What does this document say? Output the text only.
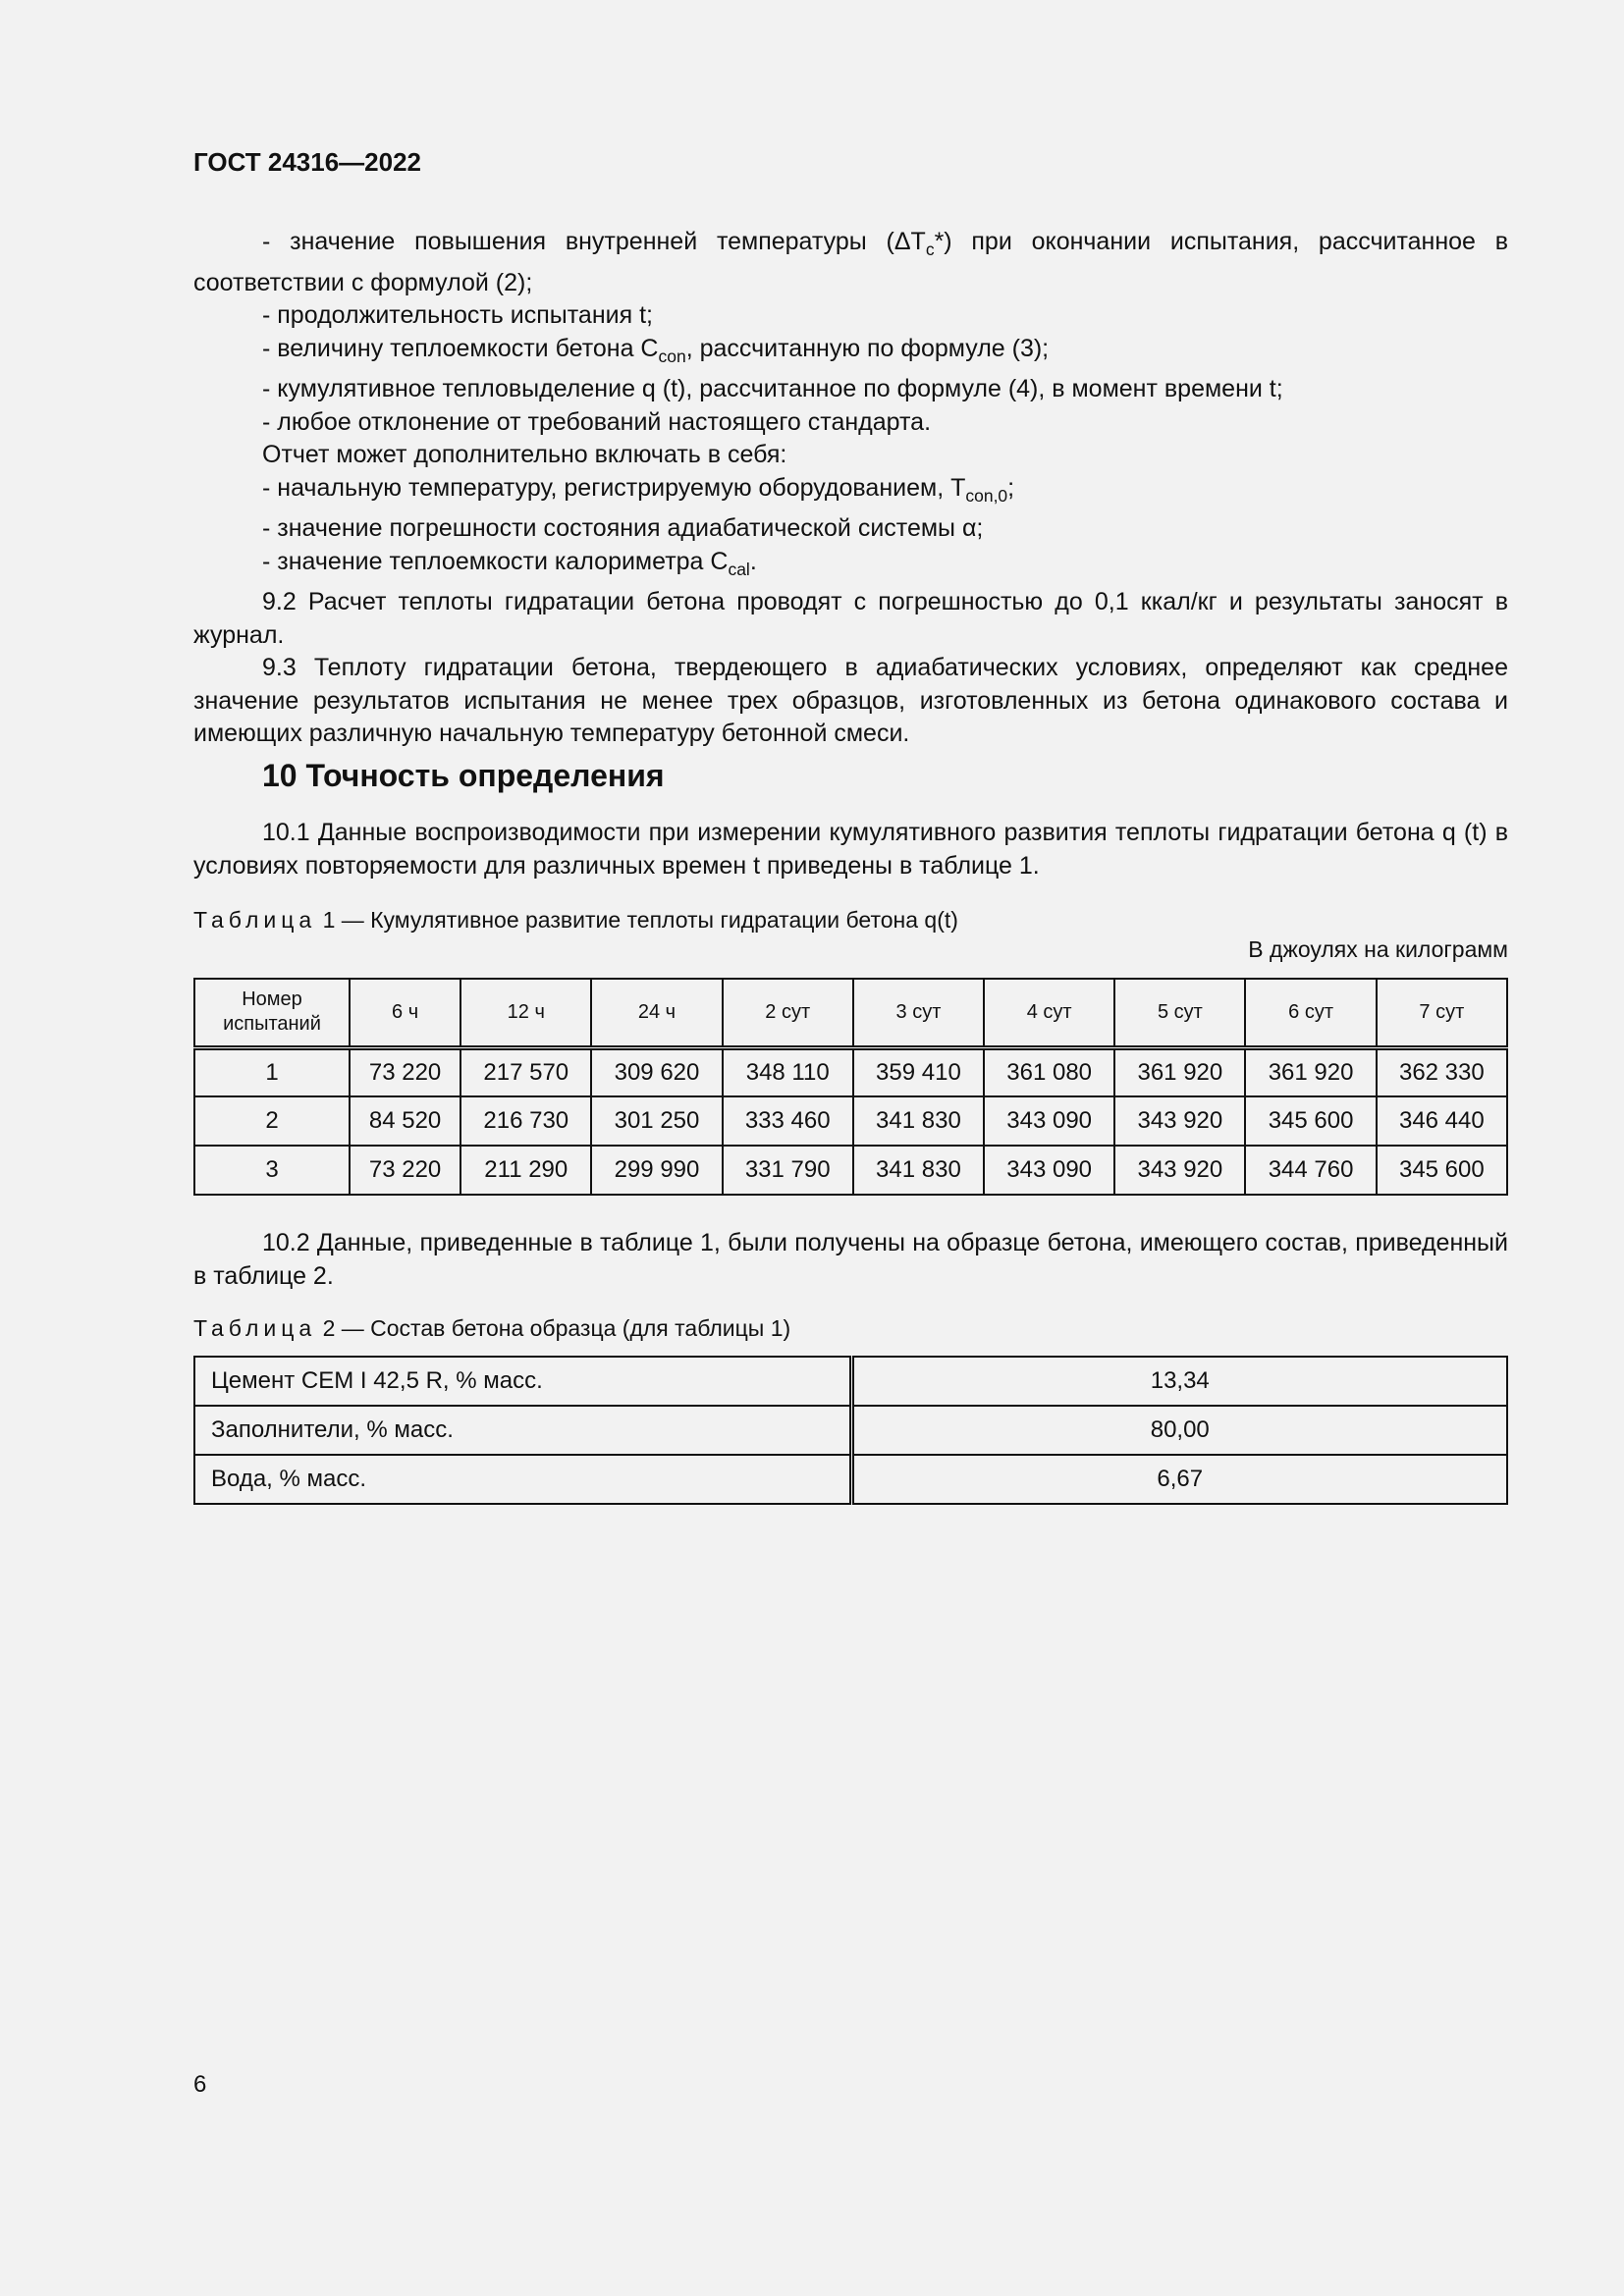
ГОСТ 24316—2022
- значение повышения внутренней температуры $(\Delta T_c*)$ при окончании испытания, рассчитанное в соответствии с формулой (2);
- продолжительность испытания t;
- величину теплоемкости бетона $C_{con}$, рассчитанную по формуле (3);
- кумулятивное тепловыделение q (t), рассчитанное по формуле (4), в момент времени t;
- любое отклонение от требований настоящего стандарта.
Отчет может дополнительно включать в себя:
- начальную температуру, регистрируемую оборудованием, $T_{con,0}$;
- значение погрешности состояния адиабатической системы α;
- значение теплоемкости калориметра $C_{cal}$.
9.2 Расчет теплоты гидратации бетона проводят с погрешностью до 0,1 ккал/кг и результаты заносят в журнал.
9.3 Теплоту гидратации бетона, твердеющего в адиабатических условиях, определяют как среднее значение результатов испытания не менее трех образцов, изготовленных из бетона одинакового состава и имеющих различную начальную температуру бетонной смеси.
10 Точность определения
10.1 Данные воспроизводимости при измерении кумулятивного развития теплоты гидратации бетона q (t) в условиях повторяемости для различных времен t приведены в таблице 1.
Таблица 1 — Кумулятивное развитие теплоты гидратации бетона q(t)
В джоулях на килограмм
Номер испытаний	6 ч	12 ч	24 ч	2 сут	3 сут	4 сут	5 сут	6 сут	7 сут
1	73 220	217 570	309 620	348 110	359 410	361 080	361 920	361 920	362 330
2	84 520	216 730	301 250	333 460	341 830	343 090	343 920	345 600	346 440
3	73 220	211 290	299 990	331 790	341 830	343 090	343 920	344 760	345 600
10.2 Данные, приведенные в таблице 1, были получены на образце бетона, имеющего состав, приведенный в таблице 2.
Таблица 2 — Состав бетона образца (для таблицы 1)
Цемент CEM I 42,5 R, % масс.	13,34
Заполнители, % масс.	80,00
Вода, % масс.	6,67
6
